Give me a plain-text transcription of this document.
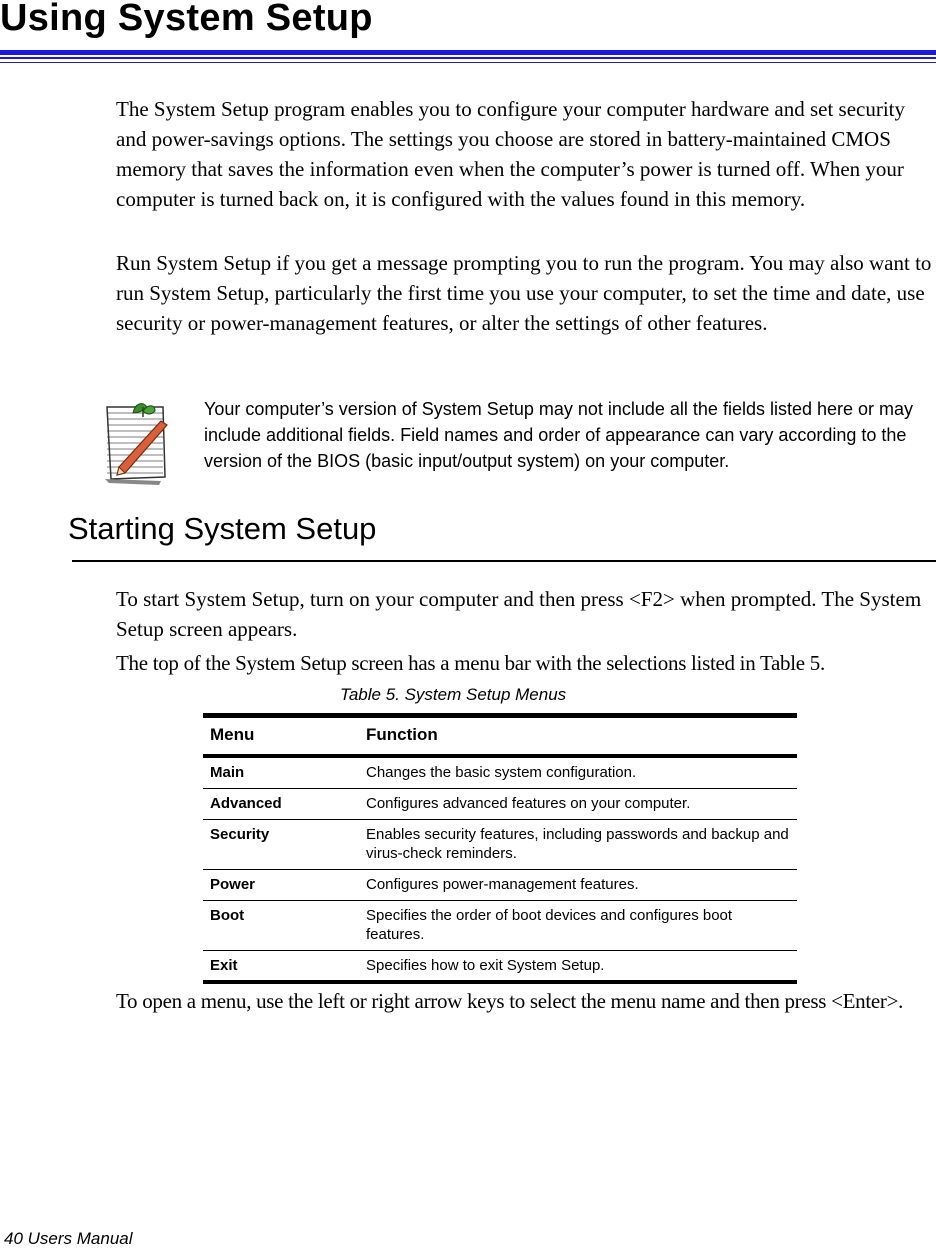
Using System Setup

The System Setup program enables you to configure your computer hardware and set security and power-savings options. The settings you choose are stored in battery-maintained CMOS memory that saves the information even when the computer’s power is turned off. When your computer is turned back on, it is configured with the values found in this memory.

Run System Setup if you get a message prompting you to run the program. You may also want to run System Setup, particularly the first time you use your computer, to set the time and date, use security or power-management features, or alter the settings of other features.

Your computer’s version of System Setup may not include all the fields listed here or may include additional fields. Field names and order of appearance can vary according to the version of the BIOS (basic input/output system) on your computer.

Starting System Setup

To start System Setup, turn on your computer and then press <F2> when prompted. The System Setup screen appears.

The top of the System Setup screen has a menu bar with the selections listed in Table 5.

Table 5. System Setup Menus
Menu	Function
Main	Changes the basic system configuration.
Advanced	Configures advanced features on your computer.
Security	Enables security features, including passwords and backup and virus-check reminders.
Power	Configures power-management features.
Boot	Specifies the order of boot devices and configures boot features.
Exit	Specifies how to exit System Setup.

To open a menu, use the left or right arrow keys to select the menu name and then press <Enter>.

40 Users Manual
